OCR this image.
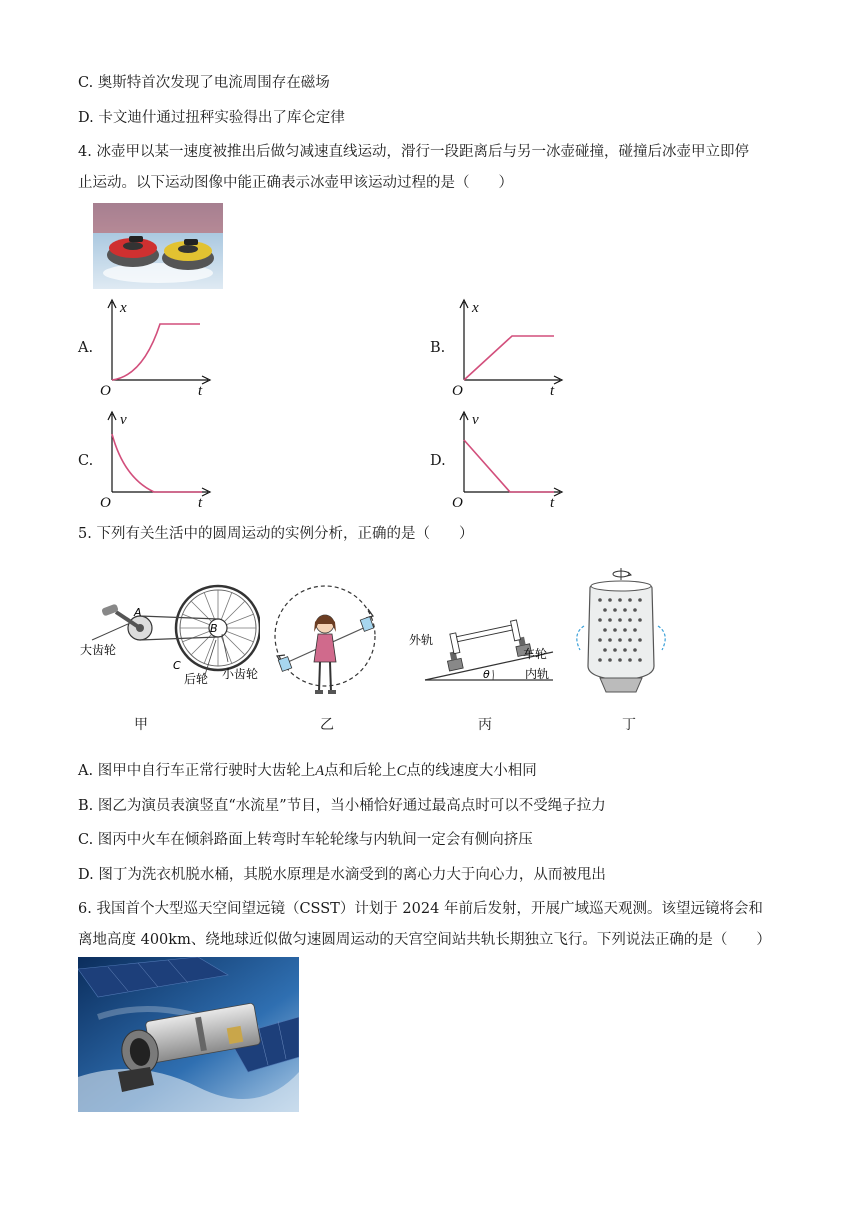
C. 奥斯特首次发现了电流周围存在磁场
D. 卡文迪什通过扭秤实验得出了库仑定律
4. 冰壶甲以某一速度被推出后做匀减速直线运动，滑行一段距离后与另一冰壶碰撞，碰撞后冰壶甲立即停
止运动。以下运动图像中能正确表示冰壶甲该运动过程的是（　　）
A.
x
O	t
B.
x
O	t
C.
v
O	t
D.
v
O	t
5. 下列有关生活中的圆周运动的实例分析，正确的是（　　）
A
B
C
大齿轮
后轮 小齿轮
甲	乙
外轨
车轮
内轨
θ
丙	丁
A. 图甲中自行车正常行驶时大齿轮上A点和后轮上C点的线速度大小相同
B. 图乙为演员表演竖直“水流星”节目，当小桶恰好通过最高点时可以不受绳子拉力
C. 图丙中火车在倾斜路面上转弯时车轮轮缘与内轨间一定会有侧向挤压
D. 图丁为洗衣机脱水桶，其脱水原理是水滴受到的离心力大于向心力，从而被甩出
6. 我国首个大型巡天空间望远镜（CSST）计划于 2024 年前后发射，开展广域巡天观测。该望远镜将会和
离地高度 400km、绕地球近似做匀速圆周运动的天宫空间站共轨长期独立飞行。下列说法正确的是（　　）
